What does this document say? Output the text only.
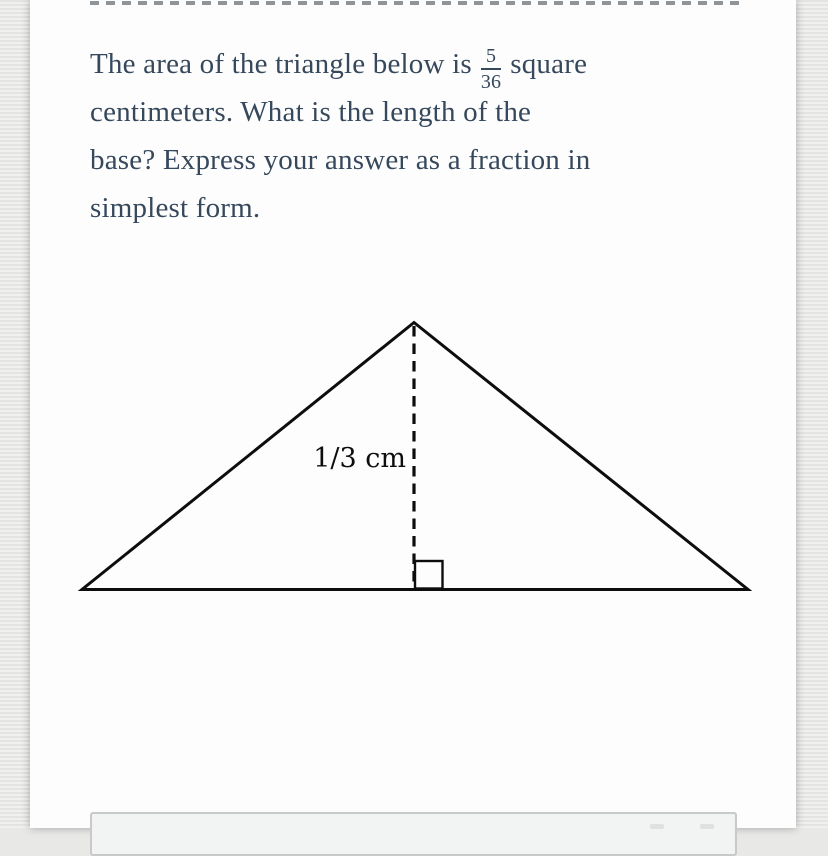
The area of the triangle below is $\frac{5}{36}$ square
centimeters. What is the length of the
base? Express your answer as a fraction in
simplest form.
1/3 cm
